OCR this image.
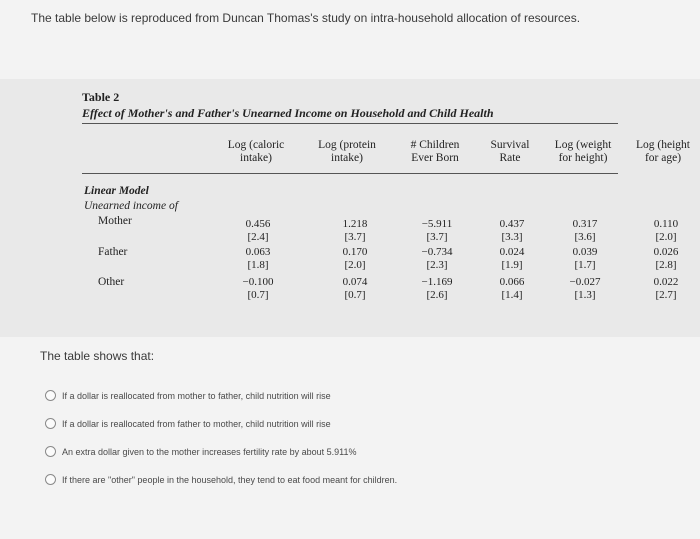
The table below is reproduced from Duncan Thomas's study on intra-household allocation of resources.
Table 2
Effect of Mother's and Father's Unearned Income on Household and Child Health
Log (caloric
intake)
Log (protein
intake)
# Children
Ever Born
Survival
Rate
Log (weight
for height)
Log (height
for age)
Linear Model
Unearned income of
Mother
Father
Other
0.456
[2.4]
1.218
[3.7]
−5.911
[3.7]
0.437
[3.3]
0.317
[3.6]
0.110
[2.0]
0.063
[1.8]
0.170
[2.0]
−0.734
[2.3]
0.024
[1.9]
0.039
[1.7]
0.026
[2.8]
−0.100
[0.7]
0.074
[0.7]
−1.169
[2.6]
0.066
[1.4]
−0.027
[1.3]
0.022
[2.7]
The table shows that:
If a dollar is reallocated from mother to father, child nutrition will rise
If a dollar is reallocated from father to mother, child nutrition will rise
An extra dollar given to the mother increases fertility rate by about 5.911%
If there are "other" people in the household, they tend to eat food meant for children.
